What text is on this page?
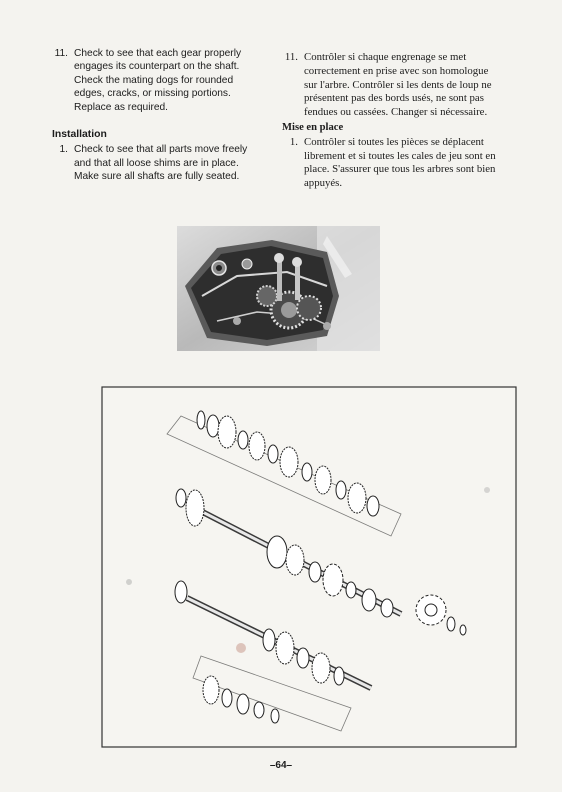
11. Check to see that each gear properly engages its counterpart on the shaft. Check the mating dogs for rounded edges, cracks, or missing portions. Replace as required.
Installation
1. Check to see that all parts move freely and that all loose shims are in place. Make sure all shafts are fully seated.
11. Contrôler si chaque engrenage se met correctement en prise avec son homologue sur l'arbre. Contrôler si les dents de loup ne présentent pas des bords usés, ne sont pas fendues ou cassées. Changer si nécessaire.
Mise en place
1. Contrôler si toutes les pièces se déplacent librement et si toutes les cales de jeu sont en place. S'assurer que tous les arbres sont bien appuyés.
–64–
